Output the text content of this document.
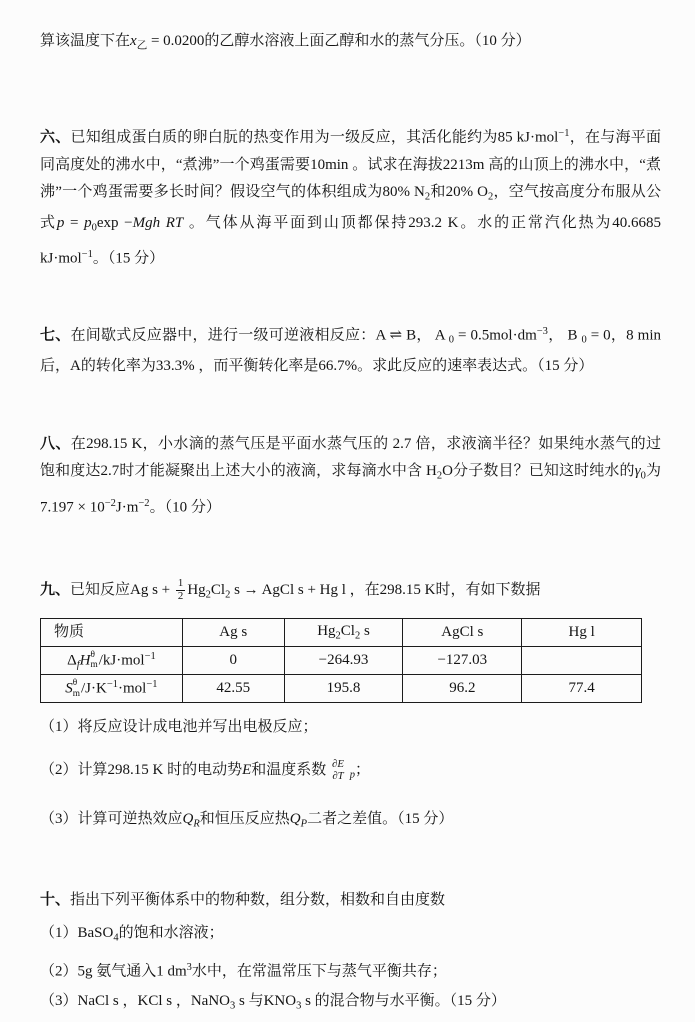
算该温度下在$x_乙 = 0.0200$的乙醇水溶液上面乙醇和水的蒸气分压。（10 分）

六、已知组成蛋白质的卵白朊的热变作用为一级反应，其活化能约为85 kJ·mol$^{-1}$，在与海平面同高度处的沸水中，“煮沸”一个鸡蛋需要10min 。试求在海拔2213m 高的山顶上的沸水中，“煮沸”一个鸡蛋需要多长时间？假设空气的体积组成为80% $N_2$和20% $O_2$，空气按高度分布服从公式$p = p_0\exp -Mgh$ RT 。气体从海平面到山顶都保持293.2 K。水的正常汽化热为40.6685 kJ·mol$^{-1}$。（15 分）

七、在间歇式反应器中，进行一级可逆液相反应：A ⇌ B， A $_0 = 0.5mol\cdot dm^{-3}$， B $_0$ = 0，8 min 后，A的转化率为33.3% ，而平衡转化率是66.7%。求此反应的速率表达式。（15 分）

八、在298.15 K，小水滴的蒸气压是平面水蒸气压的 2.7 倍，求液滴半径？如果纯水蒸气的过饱和度达2.7时才能凝聚出上述大小的液滴，求每滴水中含 $H_2O$分子数目？已知这时纯水的$\gamma_0$为$7.197 \times 10^{-2}J\cdot m^{-2}$。（10 分）

九、已知反应Ag $s + \frac{1}{2} Hg_2Cl_2$ s → AgCl s + Hg l ，在298.15 K时，有如下数据

物质	Ag s	$Hg_2Cl_2$ s	AgCl s	Hg l
$\Delta_fH$ θ
m /kJ·mol$^{-1}$	0	−264.93	−127.03	
S θ
m $/J\cdot K^{-1}\cdot mol^{-1}$	42.55	195.8	96.2	77.4

（1）将反应设计成电池并写出电极反应；

（2）计算298.15 K 时的电动势E和温度系数 ∂E
∂T $_p$；

（3）计算可逆热效应$Q_R$和恒压反应热$Q_P$二者之差值。（15 分）

十、指出下列平衡体系中的物种数，组分数，相数和自由度数

（1）BaSO$_4$的饱和水溶液；

（2）5g 氨气通入1 $dm^3$水中，在常温常压下与蒸气平衡共存；

（3）NaCl s ，KCl s ，NaNO$_3$ s 与$KNO_3$ s 的混合物与水平衡。（15 分）
